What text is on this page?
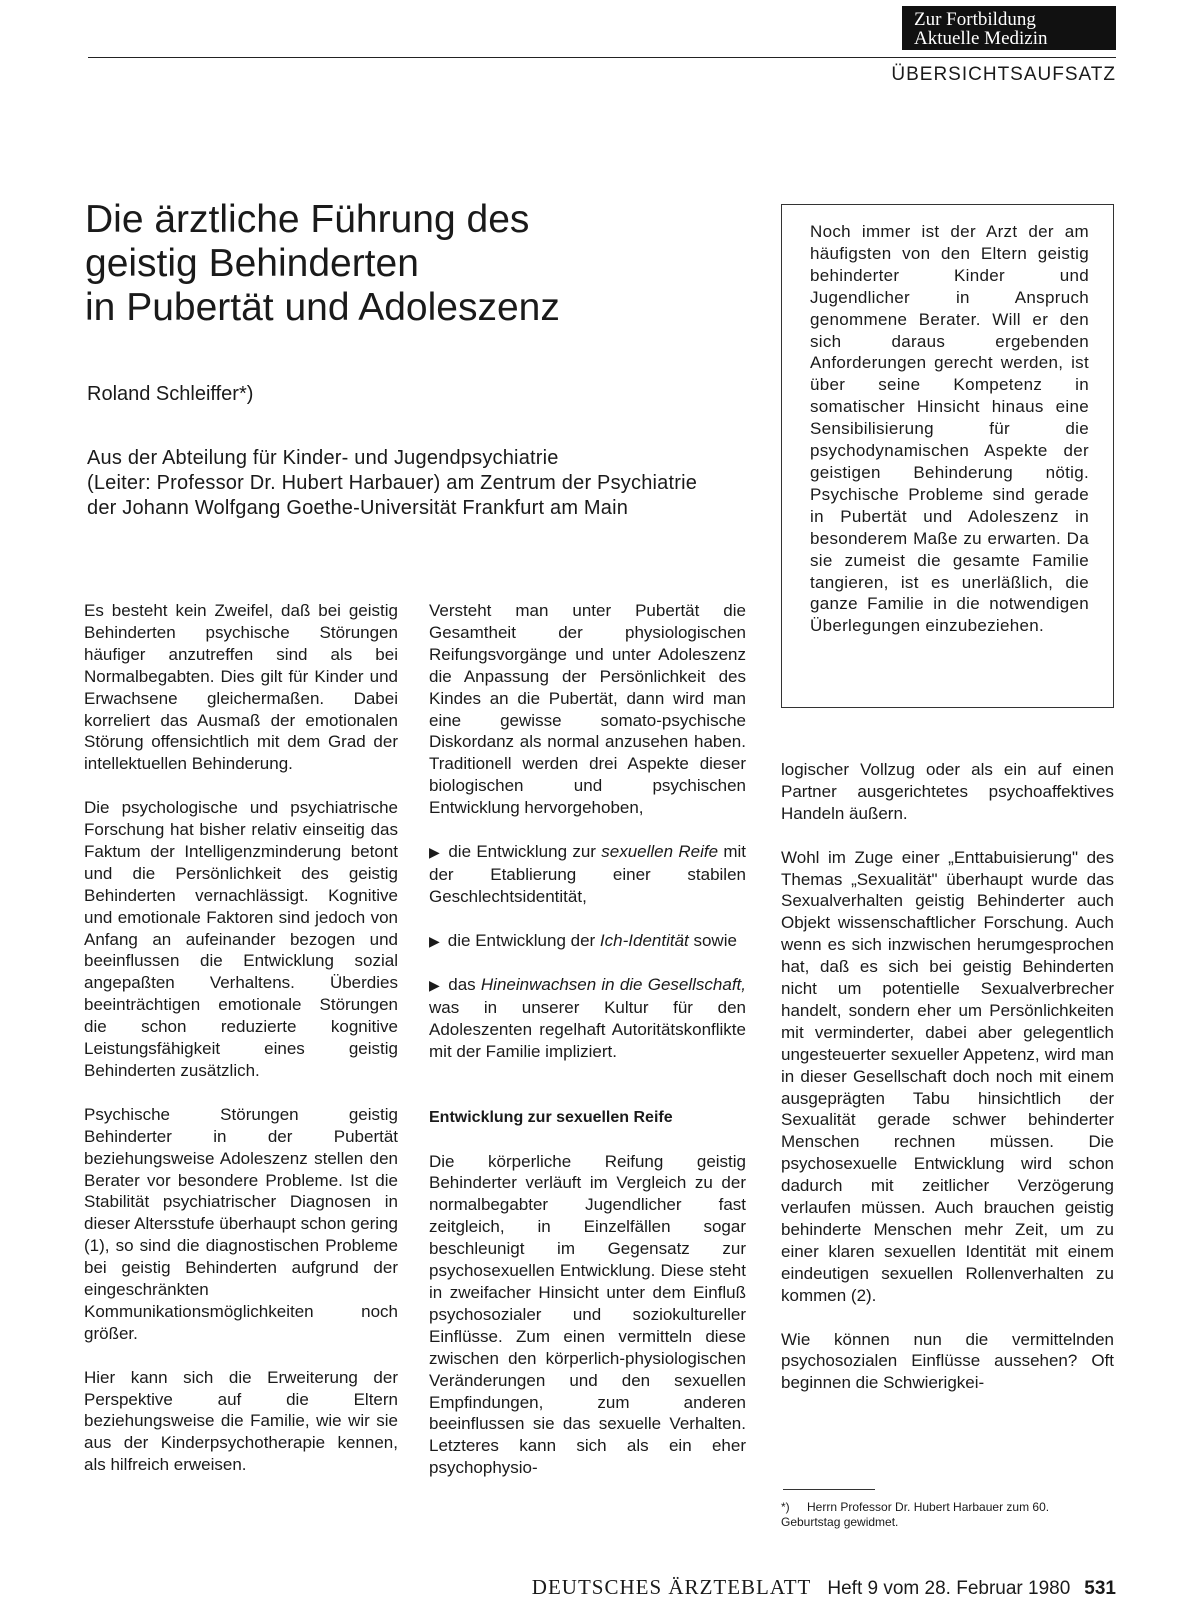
Zur Fortbildung
Aktuelle Medizin
ÜBERSICHTSAUFSATZ
Die ärztliche Führung des
geistig Behinderten
in Pubertät und Adoleszenz
Roland Schleiffer*)
Aus der Abteilung für Kinder- und Jugendpsychiatrie
(Leiter: Professor Dr. Hubert Harbauer) am Zentrum der Psychiatrie
der Johann Wolfgang Goethe-Universität Frankfurt am Main

Noch immer ist der Arzt der am häufigsten von den Eltern geistig behinderter Kinder und Jugendlicher in Anspruch genommene Berater. Will er den sich daraus ergebenden Anforderungen gerecht werden, ist über seine Kompetenz in somatischer Hinsicht hinaus eine Sensibilisierung für die psychodynamischen Aspekte der geistigen Behinderung nötig. Psychische Probleme sind gerade in Pubertät und Adoleszenz in besonderem Maße zu erwarten. Da sie zumeist die gesamte Familie tangieren, ist es unerläßlich, die ganze Familie in die notwendigen Überlegungen einzubeziehen.

Es besteht kein Zweifel, daß bei geistig Behinderten psychische Störungen häufiger anzutreffen sind als bei Normalbegabten. Dies gilt für Kinder und Erwachsene gleichermaßen. Dabei korreliert das Ausmaß der emotionalen Störung offensichtlich mit dem Grad der intellektuellen Behinderung.

Die psychologische und psychiatrische Forschung hat bisher relativ einseitig das Faktum der Intelligenzminderung betont und die Persönlichkeit des geistig Behinderten vernachlässigt. Kognitive und emotionale Faktoren sind jedoch von Anfang an aufeinander bezogen und beeinflussen die Entwicklung sozial angepaßten Verhaltens. Überdies beeinträchtigen emotionale Störungen die schon reduzierte kognitive Leistungsfähigkeit eines geistig Behinderten zusätzlich.

Psychische Störungen geistig Behinderter in der Pubertät beziehungsweise Adoleszenz stellen den Berater vor besondere Probleme. Ist die Stabilität psychiatrischer Diagnosen in dieser Altersstufe überhaupt schon gering (1), so sind die diagnostischen Probleme bei geistig Behinderten aufgrund der eingeschränkten Kommunikationsmöglichkeiten noch größer.

Hier kann sich die Erweiterung der Perspektive auf die Eltern beziehungsweise die Familie, wie wir sie aus der Kinderpsychotherapie kennen, als hilfreich erweisen.

Versteht man unter Pubertät die Gesamtheit der physiologischen Reifungsvorgänge und unter Adoleszenz die Anpassung der Persönlichkeit des Kindes an die Pubertät, dann wird man eine gewisse somato-psychische Diskordanz als normal anzusehen haben. Traditionell werden drei Aspekte dieser biologischen und psychischen Entwicklung hervorgehoben,

▶ die Entwicklung zur sexuellen Reife mit der Etablierung einer stabilen Geschlechtsidentität,

▶ die Entwicklung der Ich-Identität sowie

▶ das Hineinwachsen in die Gesellschaft, was in unserer Kultur für den Adoleszenten regelhaft Autoritätskonflikte mit der Familie impliziert.

Entwicklung zur sexuellen Reife

Die körperliche Reifung geistig Behinderter verläuft im Vergleich zu der normalbegabter Jugendlicher fast zeitgleich, in Einzelfällen sogar beschleunigt im Gegensatz zur psychosexuellen Entwicklung. Diese steht in zweifacher Hinsicht unter dem Einfluß psychosozialer und soziokultureller Einflüsse. Zum einen vermitteln diese zwischen den körperlich-physiologischen Veränderungen und den sexuellen Empfindungen, zum anderen beeinflussen sie das sexuelle Verhalten. Letzteres kann sich als ein eher psychophysio-

logischer Vollzug oder als ein auf einen Partner ausgerichtetes psychoaffektives Handeln äußern.

Wohl im Zuge einer „Enttabuisierung" des Themas „Sexualität" überhaupt wurde das Sexualverhalten geistig Behinderter auch Objekt wissenschaftlicher Forschung. Auch wenn es sich inzwischen herumgesprochen hat, daß es sich bei geistig Behinderten nicht um potentielle Sexualverbrecher handelt, sondern eher um Persönlichkeiten mit verminderter, dabei aber gelegentlich ungesteuerter sexueller Appetenz, wird man in dieser Gesellschaft doch noch mit einem ausgeprägten Tabu hinsichtlich der Sexualität gerade schwer behinderter Menschen rechnen müssen. Die psychosexuelle Entwicklung wird schon dadurch mit zeitlicher Verzögerung verlaufen müssen. Auch brauchen geistig behinderte Menschen mehr Zeit, um zu einer klaren sexuellen Identität mit einem eindeutigen sexuellen Rollenverhalten zu kommen (2).

Wie können nun die vermittelnden psychosozialen Einflüsse aussehen? Oft beginnen die Schwierigkei-

*) Herrn Professor Dr. Hubert Harbauer zum 60. Geburtstag gewidmet.
DEUTSCHES ÄRZTEBLATT Heft 9 vom 28. Februar 1980 531
